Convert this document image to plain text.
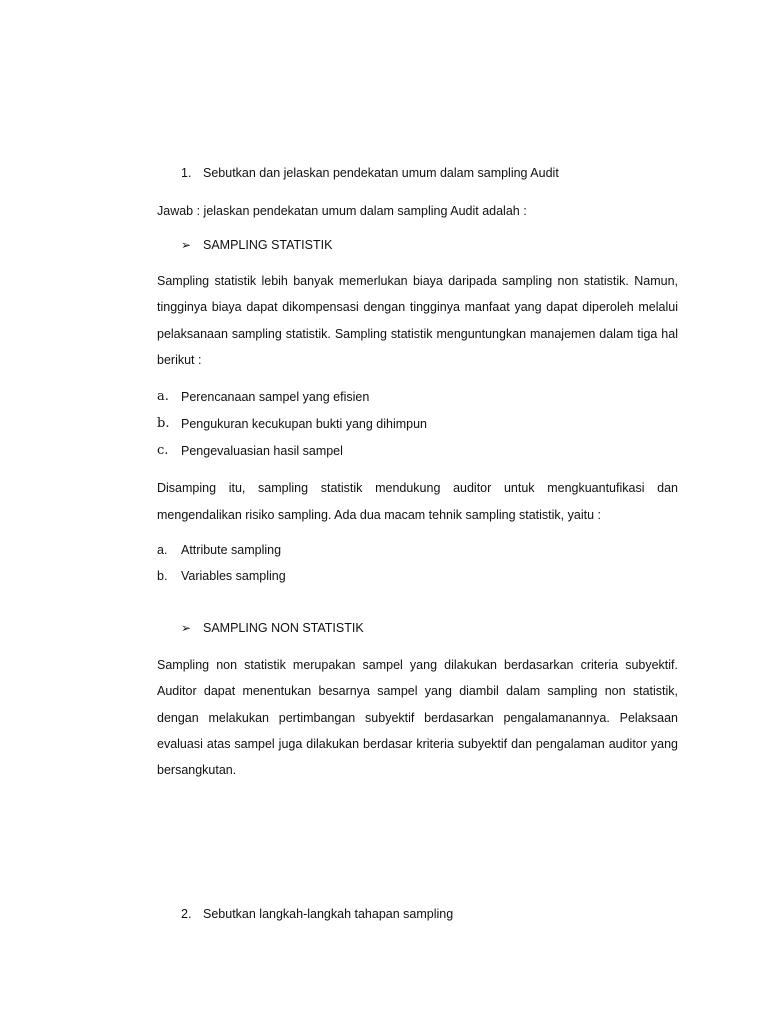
1. Sebutkan dan jelaskan pendekatan umum dalam sampling Audit
Jawab : jelaskan pendekatan umum dalam sampling Audit adalah :
➢ SAMPLING STATISTIK
Sampling statistik lebih banyak memerlukan biaya daripada sampling non statistik. Namun, tingginya biaya dapat dikompensasi dengan tingginya manfaat yang dapat diperoleh melalui pelaksanaan sampling statistik. Sampling statistik menguntungkan manajemen dalam tiga hal berikut :
a. Perencanaan sampel yang efisien
b. Pengukuran kecukupan bukti yang dihimpun
c. Pengevaluasian hasil sampel
Disamping itu, sampling statistik mendukung auditor untuk mengkuantufikasi dan mengendalikan risiko sampling. Ada dua macam tehnik sampling statistik, yaitu :
a. Attribute sampling
b. Variables sampling
➢ SAMPLING NON STATISTIK
Sampling non statistik merupakan sampel yang dilakukan berdasarkan criteria subyektif. Auditor dapat menentukan besarnya sampel yang diambil dalam sampling non statistik, dengan melakukan pertimbangan subyektif berdasarkan pengalamanannya. Pelaksaan evaluasi atas sampel juga dilakukan berdasar kriteria subyektif dan pengalaman auditor yang bersangkutan.
2. Sebutkan langkah-langkah tahapan sampling
